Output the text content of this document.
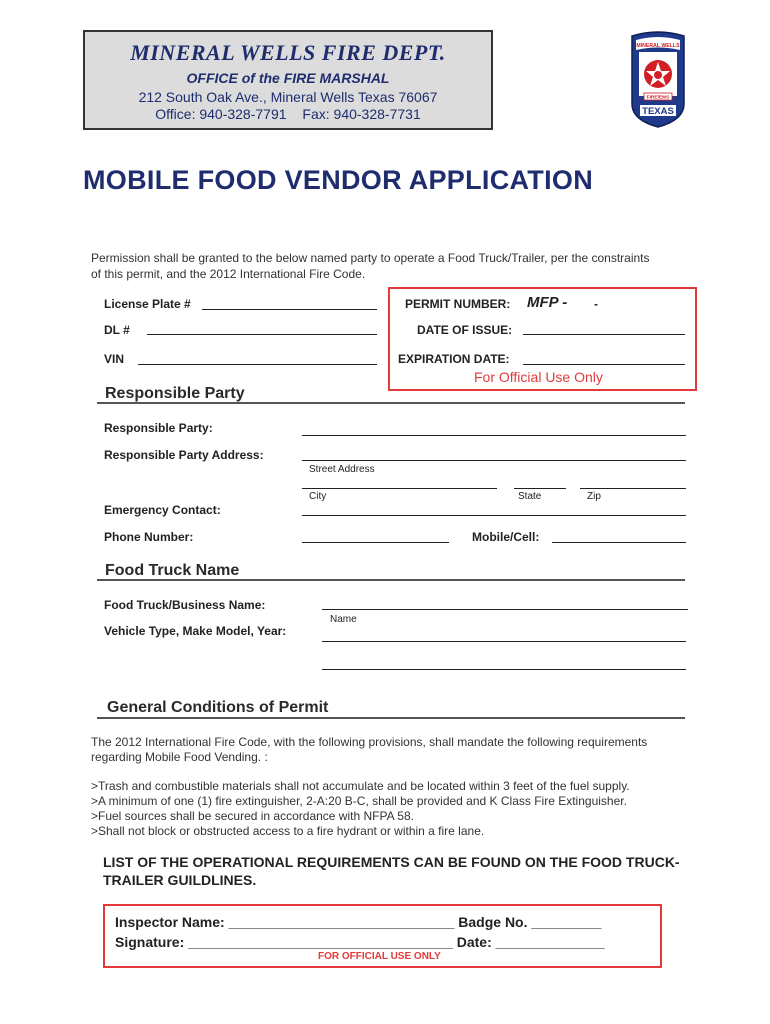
MINERAL WELLS FIRE DEPT.
OFFICE of the FIRE MARSHAL
212 South Oak Ave., Mineral Wells Texas 76067
Office: 940-328-7791 Fax: 940-328-7731
MINERAL WELLS
FIRE/EMS
TEXAS
MOBILE FOOD VENDOR APPLICATION
Permission shall be granted to the below named party to operate a Food Truck/Trailer, per the constraints of this permit, and the 2012 International Fire Code.
License Plate #
DL #
VIN
PERMIT NUMBER: MFP - -
DATE OF ISSUE:
EXPIRATION DATE:
For Official Use Only
Responsible Party
Responsible Party:
Responsible Party Address:
Street Address
City	State	Zip
Emergency Contact:
Phone Number:	Mobile/Cell:
Food Truck Name
Food Truck/Business Name:
Name
Vehicle Type, Make Model, Year:
General Conditions of Permit
The 2012 International Fire Code, with the following provisions, shall mandate the following requirements regarding Mobile Food Vending. :
>Trash and combustible materials shall not accumulate and be located within 3 feet of the fuel supply.
>A minimum of one (1) fire extinguisher, 2-A:20 B-C, shall be provided and K Class Fire Extinguisher.
>Fuel sources shall be secured in accordance with NFPA 58.
>Shall not block or obstructed access to a fire hydrant or within a fire lane.
LIST OF THE OPERATIONAL REQUIREMENTS CAN BE FOUND ON THE FOOD TRUCK-TRAILER GUILDLINES.
Inspector Name: _____________________________ Badge No. _________
Signature: __________________________________ Date: ______________
FOR OFFICIAL USE ONLY
